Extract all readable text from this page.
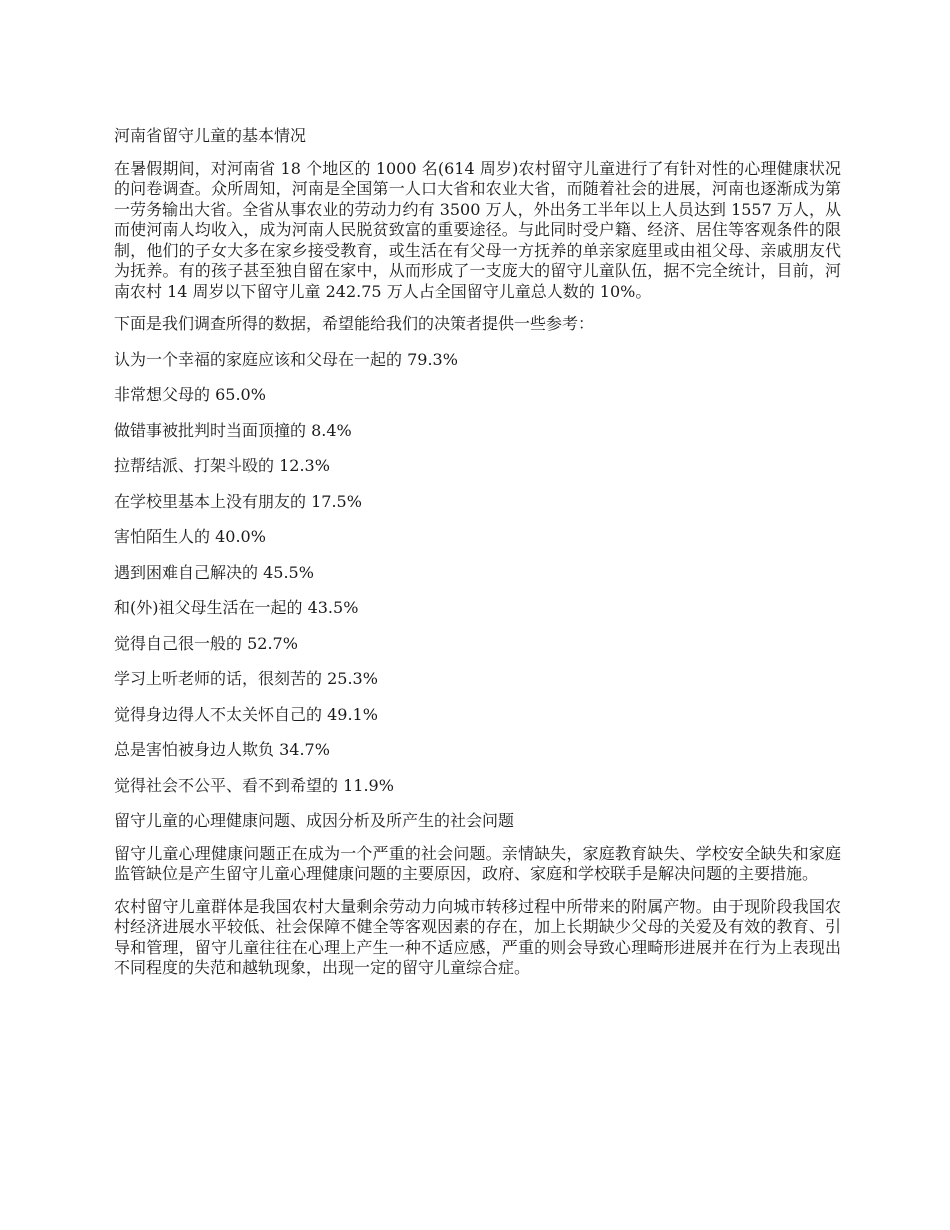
河南省留守儿童的基本情况

在暑假期间，对河南省 18 个地区的 1000 名(614 周岁)农村留守儿童进行了有针对性的心理健康状况的问卷调查。众所周知，河南是全国第一人口大省和农业大省，而随着社会的进展，河南也逐渐成为第一劳务输出大省。全省从事农业的劳动力约有 3500 万人，外出务工半年以上人员达到 1557 万人，从而使河南人均收入，成为河南人民脱贫致富的重要途径。与此同时受户籍、经济、居住等客观条件的限制，他们的子女大多在家乡接受教育，或生活在有父母一方抚养的单亲家庭里或由祖父母、亲戚朋友代为抚养。有的孩子甚至独自留在家中，从而形成了一支庞大的留守儿童队伍，据不完全统计，目前，河南农村 14 周岁以下留守儿童 242.75 万人占全国留守儿童总人数的 10%。

下面是我们调查所得的数据，希望能给我们的决策者提供一些参考：

认为一个幸福的家庭应该和父母在一起的 79.3%

非常想父母的 65.0%

做错事被批判时当面顶撞的 8.4%

拉帮结派、打架斗殴的 12.3%

在学校里基本上没有朋友的 17.5%

害怕陌生人的 40.0%

遇到困难自己解决的 45.5%

和(外)祖父母生活在一起的 43.5%

觉得自己很一般的 52.7%

学习上听老师的话，很刻苦的 25.3%

觉得身边得人不太关怀自己的 49.1%

总是害怕被身边人欺负 34.7%

觉得社会不公平、看不到希望的 11.9%

留守儿童的心理健康问题、成因分析及所产生的社会问题

留守儿童心理健康问题正在成为一个严重的社会问题。亲情缺失，家庭教育缺失、学校安全缺失和家庭监管缺位是产生留守儿童心理健康问题的主要原因，政府、家庭和学校联手是解决问题的主要措施。

农村留守儿童群体是我国农村大量剩余劳动力向城市转移过程中所带来的附属产物。由于现阶段我国农村经济进展水平较低、社会保障不健全等客观因素的存在，加上长期缺少父母的关爱及有效的教育、引导和管理，留守儿童往往在心理上产生一种不适应感，严重的则会导致心理畸形进展并在行为上表现出不同程度的失范和越轨现象，出现一定的留守儿童综合症。
